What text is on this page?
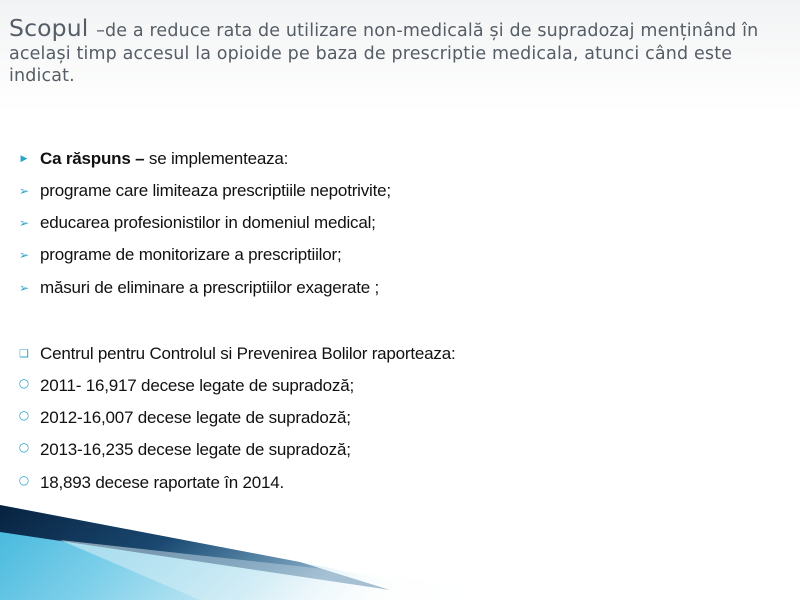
Scopul –de a reduce rata de utilizare non-medicală și de supradozaj menținând în același timp accesul la opioide pe baza de prescriptie medicala, atunci când este indicat.
▶ Ca răspuns – se implementeaza:
➢ programe care limiteaza prescriptiile nepotrivite;
➢ educarea profesionistilor in domeniul medical;
➢ programe de monitorizare a prescriptiilor;
➢ măsuri de eliminare a prescriptiilor exagerate ;
❑ Centrul pentru Controlul si Prevenirea Bolilor raporteaza:
○ 2011- 16,917 decese legate de supradoză;
○ 2012-16,007 decese legate de supradoză;
○ 2013-16,235 decese legate de supradoză;
○ 18,893 decese raportate în 2014.
